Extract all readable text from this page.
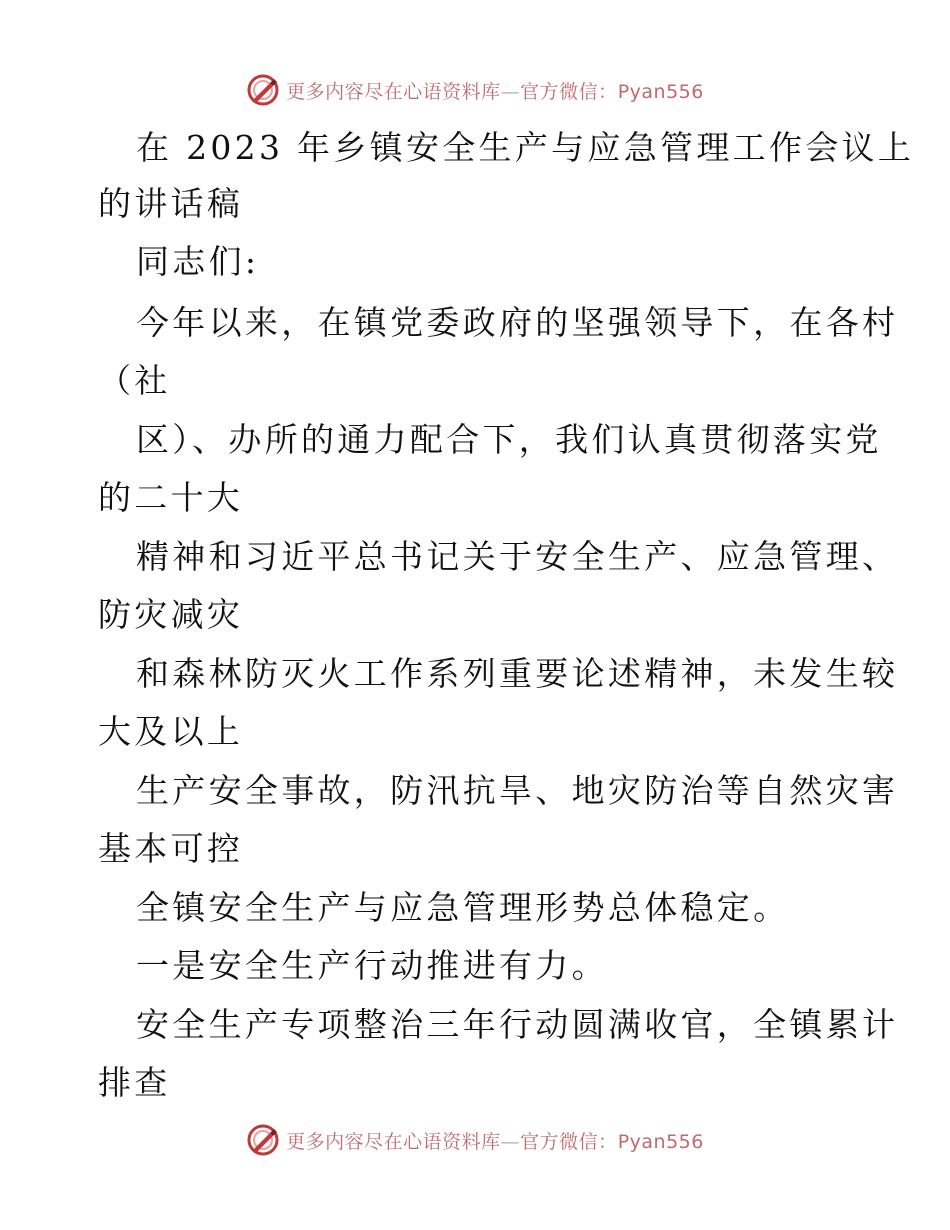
更多内容尽在心语资料库—官方微信：Pyan556
在 2023 年乡镇安全生产与应急管理工作会议上
的讲话稿
同志们:
今年以来，在镇党委政府的坚强领导下，在各村
（社
区）、办所的通力配合下，我们认真贯彻落实党
的二十大
精神和习近平总书记关于安全生产、应急管理、
防灾减灾
和森林防灭火工作系列重要论述精神，未发生较
大及以上
生产安全事故，防汛抗旱、地灾防治等自然灾害
基本可控
全镇安全生产与应急管理形势总体稳定。
一是安全生产行动推进有力。
安全生产专项整治三年行动圆满收官，全镇累计
排查
更多内容尽在心语资料库—官方微信：Pyan556
